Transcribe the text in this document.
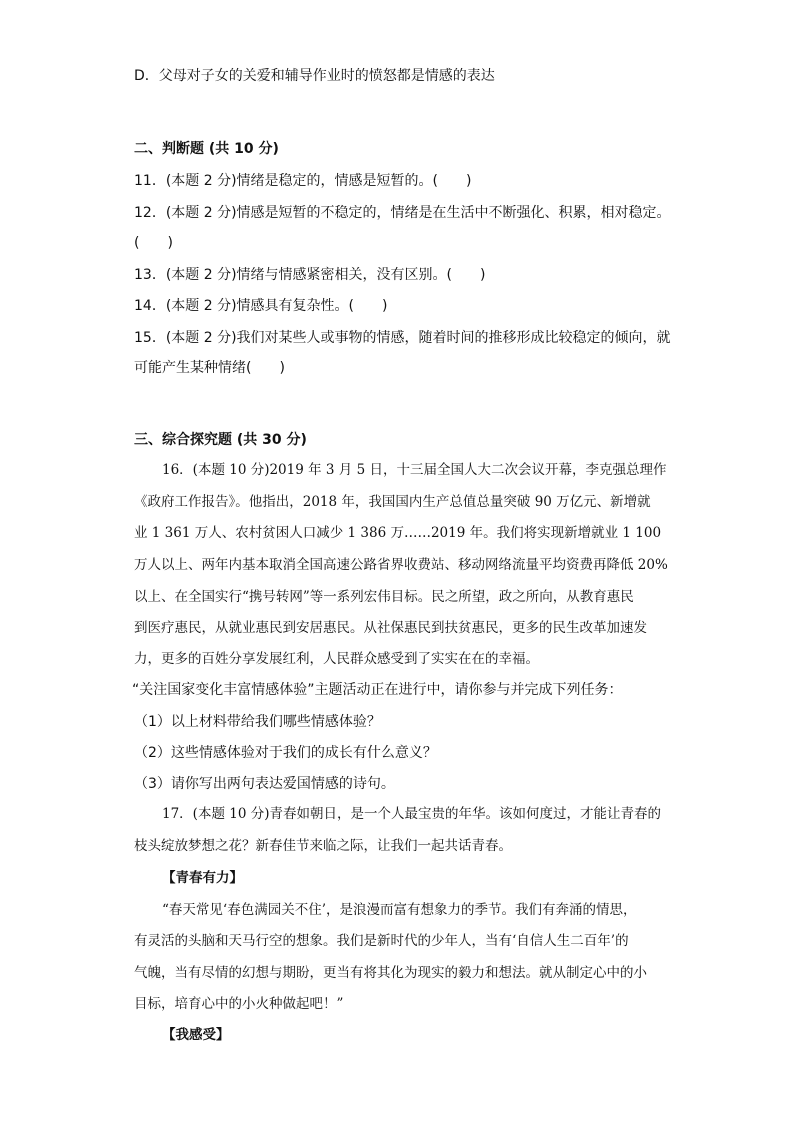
D．父母对子女的关爱和辅导作业时的愤怒都是情感的表达
二、判断题 (共 10 分)
11．(本题 2 分)情绪是稳定的，情感是短暂的。(　　)
12．(本题 2 分)情感是短暂的不稳定的，情绪是在生活中不断强化、积累，相对稳定。
(　　)
13．(本题 2 分)情绪与情感紧密相关，没有区别。(　　)
14．(本题 2 分)情感具有复杂性。(　　)
15．(本题 2 分)我们对某些人或事物的情感，随着时间的推移形成比较稳定的倾向，就
可能产生某种情绪(　　)
三、综合探究题 (共 30 分)
16．(本题 10 分)2019 年 3 月 5 日，十三届全国人大二次会议开幕，李克强总理作
《政府工作报告》。他指出，2018 年，我国国内生产总值总量突破 90 万亿元、新增就
业 1 361 万人、农村贫困人口减少 1 386 万……2019 年。我们将实现新增就业 1 100
万人以上、两年内基本取消全国高速公路省界收费站、移动网络流量平均资费再降低 20%
以上、在全国实行“携号转网”等一系列宏伟目标。民之所望，政之所向，从教育惠民
到医疗惠民，从就业惠民到安居惠民。从社保惠民到扶贫惠民，更多的民生改革加速发
力，更多的百姓分享发展红利，人民群众感受到了实实在在的幸福。
“关注国家变化丰富情感体验”主题活动正在进行中，请你参与并完成下列任务：
（1）以上材料带给我们哪些情感体验？
（2）这些情感体验对于我们的成长有什么意义？
（3）请你写出两句表达爱国情感的诗句。
17．(本题 10 分)青春如朝日，是一个人最宝贵的年华。该如何度过，才能让青春的
枝头绽放梦想之花？新春佳节来临之际，让我们一起共话青春。
【青春有力】
“春天常见‘春色满园关不住’，是浪漫而富有想象力的季节。我们有奔涌的情思，
有灵活的头脑和天马行空的想象。我们是新时代的少年人，当有‘自信人生二百年’的
气魄，当有尽情的幻想与期盼，更当有将其化为现实的毅力和想法。就从制定心中的小
目标，培育心中的小火种做起吧！”
【我感受】
